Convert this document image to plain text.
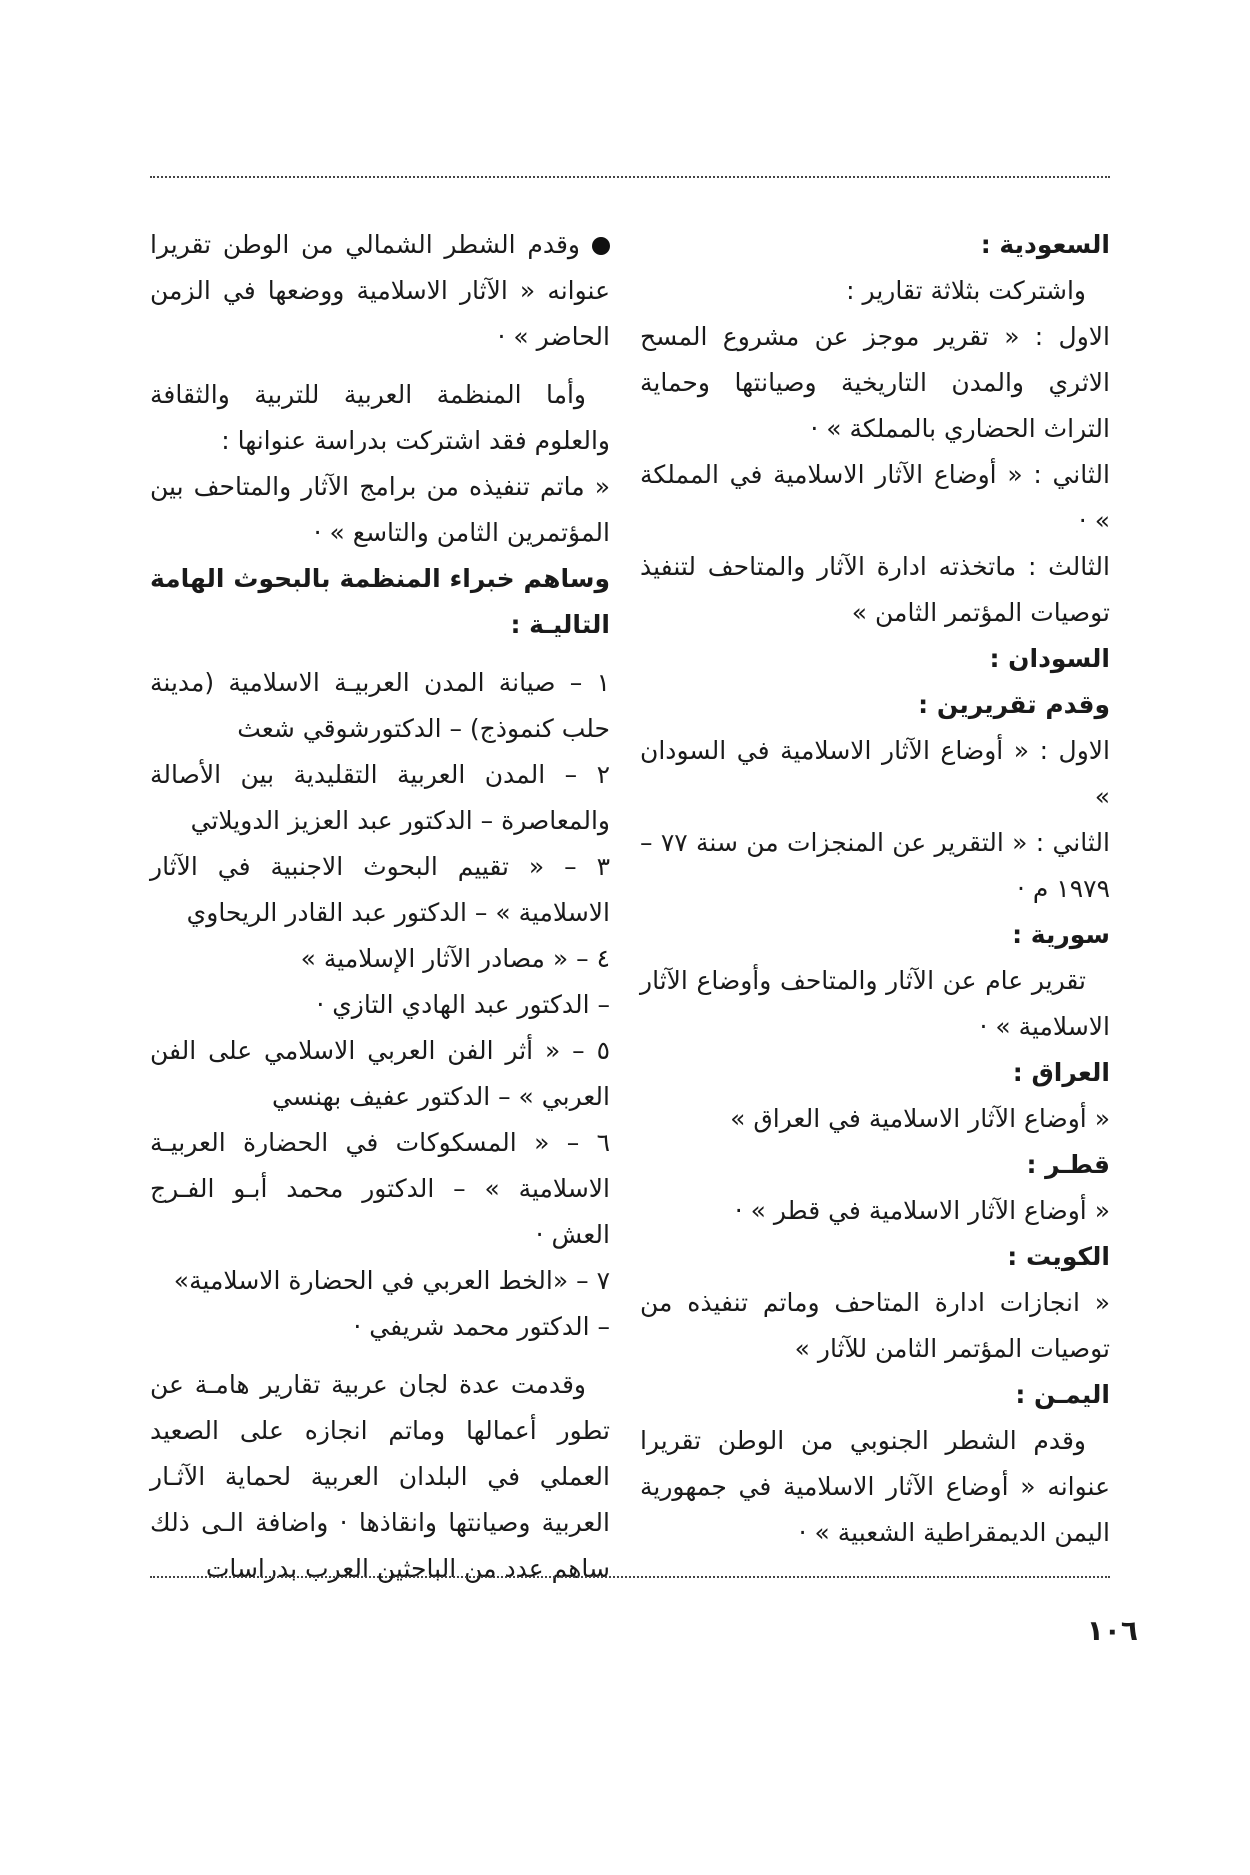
السعودية :

واشتركت بثلاثة تقارير :

الاول : « تقرير موجز عن مشروع المسح الاثري والمدن التاريخية وصيانتها وحماية التراث الحضاري بالمملكة » ·

الثاني : « أوضاع الآثار الاسلامية في المملكة » ·

الثالث : ماتخذته ادارة الآثار والمتاحف لتنفيذ توصيات المؤتمر الثامن »

السودان :

وقدم تقريرين :

الاول : « أوضاع الآثار الاسلامية في السودان »

الثاني : « التقرير عن المنجزات من سنة ٧٧ – ١٩٧٩ م ·

سورية :

تقرير عام عن الآثار والمتاحف وأوضاع الآثار الاسلامية » ·

العراق :

« أوضاع الآثار الاسلامية في العراق »

قطـر :

« أوضاع الآثار الاسلامية في قطر » ·

الكويت :

« انجازات ادارة المتاحف وماتم تنفيذه من توصيات المؤتمر الثامن للآثار »

اليمـن :

وقدم الشطر الجنوبي من الوطن تقريرا عنوانه « أوضاع الآثار الاسلامية في جمهورية اليمن الديمقراطية الشعبية » ·

وقدم الشطر الشمالي من الوطن تقريرا عنوانه « الآثار الاسلامية ووضعها في الزمن الحاضر » ·

وأما المنظمة العربية للتربية والثقافة والعلوم فقد اشتركت بدراسة عنوانها :

« ماتم تنفيذه من برامج الآثار والمتاحف بين المؤتمرين الثامن والتاسع » ·

وساهم خبراء المنظمة بالبحوث الهامة التاليـة :

١ – صيانة المدن العربيـة الاسلامية (مدينة حلب كنموذج) – الدكتورشوقي شعث

٢ – المدن العربية التقليدية بين الأصالة والمعاصرة – الدكتور عبد العزيز الدويلاتي

٣ – « تقييم البحوث الاجنبية في الآثار الاسلامية » – الدكتور عبد القادر الريحاوي

٤ – « مصادر الآثار الإسلامية »

– الدكتور عبد الهادي التازي ·

٥ – « أثر الفن العربي الاسلامي على الفن العربي » – الدكتور عفيف بهنسي

٦ – « المسكوكات في الحضارة العربيـة الاسلامية » – الدكتور محمد أبـو الفـرج العش ·

٧ – «الخط العربي في الحضارة الاسلامية»

– الدكتور محمد شريفي ·

وقدمت عدة لجان عربية تقارير هامـة عن تطور أعمالها وماتم انجازه على الصعيد العملي في البلدان العربية لحماية الآثـار العربية وصيانتها وانقاذها · واضافة الـى ذلك ساهم عدد من الباحثين العرب بدراسات

١٠٦
